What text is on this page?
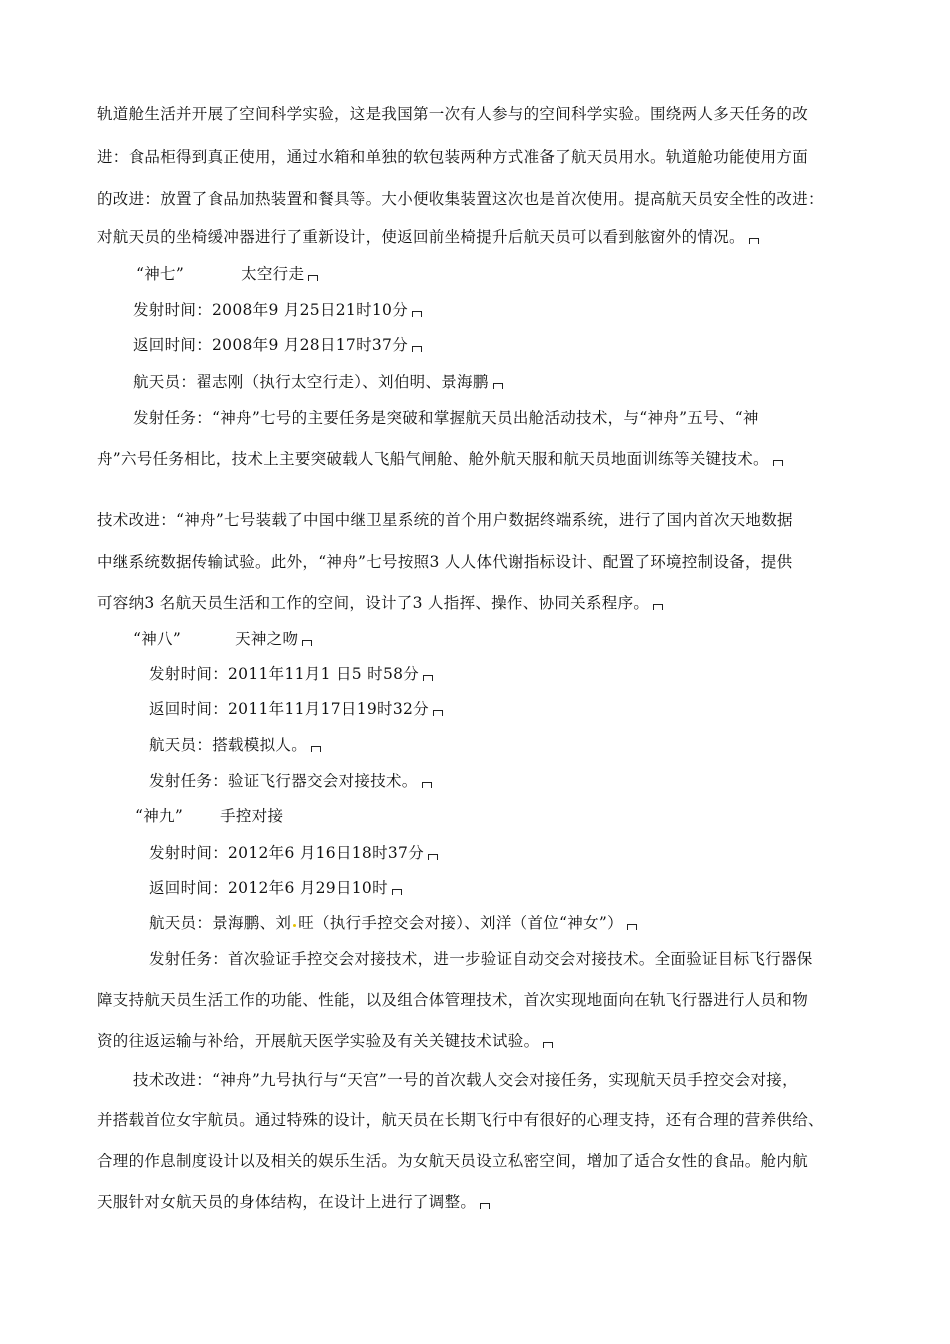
轨道舱生活并开展了空间科学实验，这是我国第一次有人参与的空间科学实验。围绕两人多天任务的改
进：食品柜得到真正使用，通过水箱和单独的软包装两种方式准备了航天员用水。轨道舱功能使用方面
的改进：放置了食品加热装置和餐具等。大小便收集装置这次也是首次使用。提高航天员安全性的改进：
对航天员的坐椅缓冲器进行了重新设计，使返回前坐椅提升后航天员可以看到舷窗外的情况。
“神七”	太空行走
发射时间：2008年9 月25日21时10分
返回时间：2008年9 月28日17时37分
航天员：翟志刚（执行太空行走）、刘伯明、景海鹏
发射任务：“神舟”七号的主要任务是突破和掌握航天员出舱活动技术，与“神舟”五号、“神
舟”六号任务相比，技术上主要突破载人飞船气闸舱、舱外航天服和航天员地面训练等关键技术。
技术改进：“神舟”七号装载了中国中继卫星系统的首个用户数据终端系统，进行了国内首次天地数据
中继系统数据传输试验。此外，“神舟”七号按照3 人人体代谢指标设计、配置了环境控制设备，提供
可容纳3 名航天员生活和工作的空间，设计了3 人指挥、操作、协同关系程序。
“神八”	天神之吻
发射时间：2011年11月1 日5 时58分
返回时间：2011年11月17日19时32分
航天员：搭载模拟人。
发射任务：验证飞行器交会对接技术。
“神九” 手控对接
发射时间：2012年6 月16日18时37分
返回时间：2012年6 月29日10时
航天员：景海鹏、刘 旺（执行手控交会对接）、刘洋（首位“神女”）
发射任务：首次验证手控交会对接技术，进一步验证自动交会对接技术。全面验证目标飞行器保
障支持航天员生活工作的功能、性能，以及组合体管理技术，首次实现地面向在轨飞行器进行人员和物
资的往返运输与补给，开展航天医学实验及有关关键技术试验。
技术改进：“神舟”九号执行与“天宫”一号的首次载人交会对接任务，实现航天员手控交会对接，
并搭载首位女宇航员。通过特殊的设计，航天员在长期飞行中有很好的心理支持，还有合理的营养供给、
合理的作息制度设计以及相关的娱乐生活。为女航天员设立私密空间，增加了适合女性的食品。舱内航
天服针对女航天员的身体结构，在设计上进行了调整。
